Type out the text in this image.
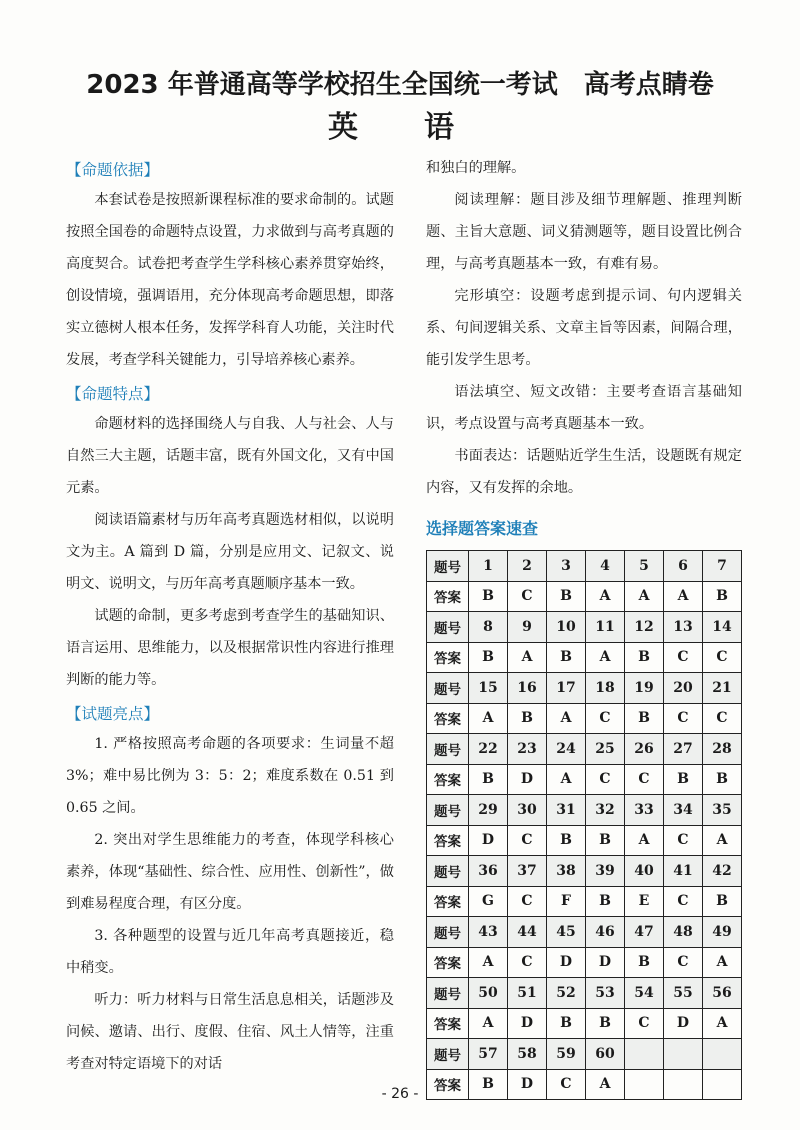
2023 年普通高等学校招生全国统一考试　高考点睛卷
英　语
【命题依据】

本套试卷是按照新课程标准的要求命制的。试题按照全国卷的命题特点设置，力求做到与高考真题的高度契合。试卷把考查学生学科核心素养贯穿始终，创设情境，强调语用，充分体现高考命题思想，即落实立德树人根本任务，发挥学科育人功能，关注时代发展，考查学科关键能力，引导培养核心素养。

【命题特点】

命题材料的选择围绕人与自我、人与社会、人与自然三大主题，话题丰富，既有外国文化，又有中国元素。

阅读语篇素材与历年高考真题选材相似，以说明文为主。A 篇到 D 篇，分别是应用文、记叙文、说明文、说明文，与历年高考真题顺序基本一致。

试题的命制，更多考虑到考查学生的基础知识、语言运用、思维能力，以及根据常识性内容进行推理判断的能力等。

【试题亮点】

1. 严格按照高考命题的各项要求：生词量不超 3%；难中易比例为 3：5：2；难度系数在 0.51 到 0.65 之间。

2. 突出对学生思维能力的考查，体现学科核心素养，体现“基础性、综合性、应用性、创新性”，做到难易程度合理，有区分度。

3. 各种题型的设置与近几年高考真题接近，稳中稍变。

听力：听力材料与日常生活息息相关，话题涉及问候、邀请、出行、度假、住宿、风土人情等，注重考查对特定语境下的对话

和独白的理解。

阅读理解：题目涉及细节理解题、推理判断题、主旨大意题、词义猜测题等，题目设置比例合理，与高考真题基本一致，有难有易。

完形填空：设题考虑到提示词、句内逻辑关系、句间逻辑关系、文章主旨等因素，间隔合理，能引发学生思考。

语法填空、短文改错：主要考查语言基础知识，考点设置与高考真题基本一致。

书面表达：话题贴近学生生活，设题既有规定内容，又有发挥的余地。

选择题答案速查
题号	1	2	3	4	5	6	7
答案	B	C	B	A	A	A	B
题号	8	9	10	11	12	13	14
答案	B	A	B	A	B	C	C
题号	15	16	17	18	19	20	21
答案	A	B	A	C	B	C	C
题号	22	23	24	25	26	27	28
答案	B	D	A	C	C	B	B
题号	29	30	31	32	33	34	35
答案	D	C	B	B	A	C	A
题号	36	37	38	39	40	41	42
答案	G	C	F	B	E	C	B
题号	43	44	45	46	47	48	49
答案	A	C	D	D	B	C	A
题号	50	51	52	53	54	55	56
答案	A	D	B	B	C	D	A
题号	57	58	59	60			
答案	B	D	C	A			
- 26 -
